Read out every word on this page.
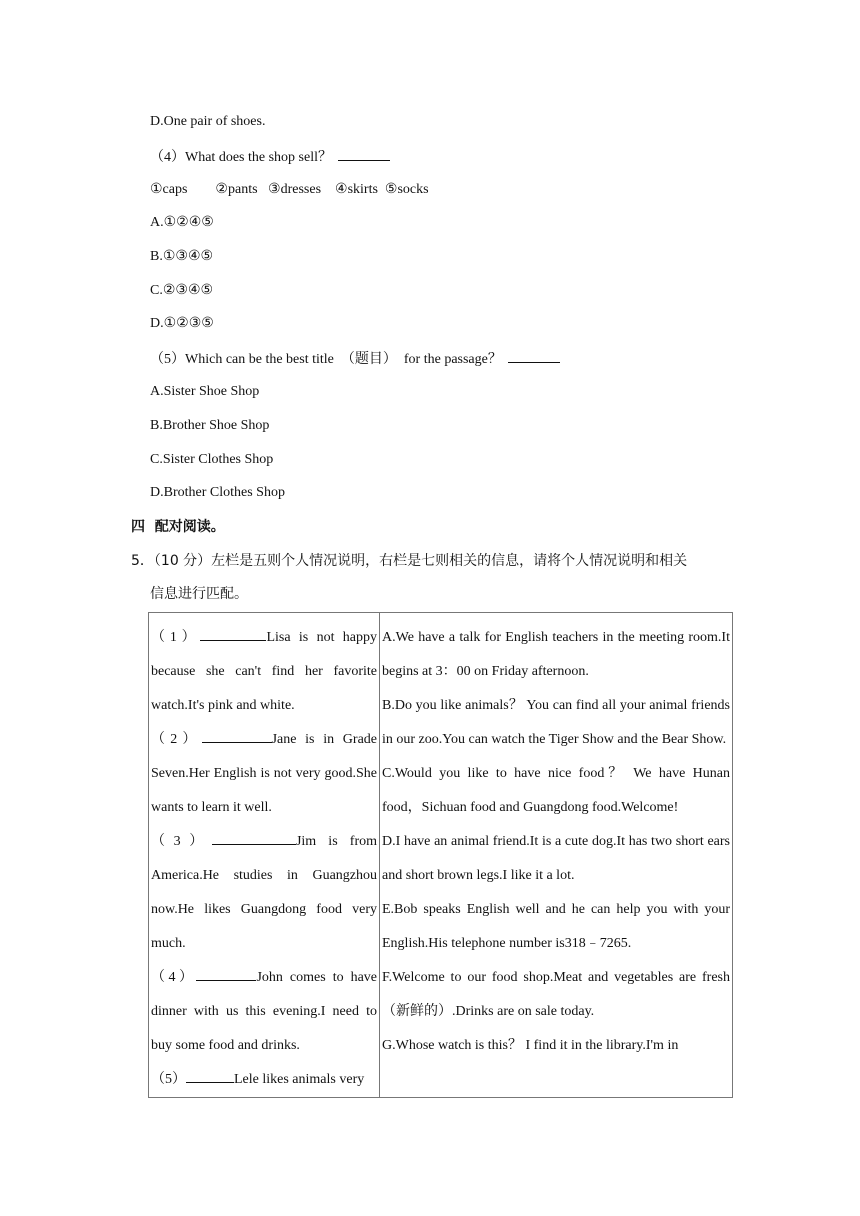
D.One pair of shoes.
（4）What does the shop sell？
①caps        ②pants   ③dresses    ④skirts  ⑤socks
A.①②④⑤
B.①③④⑤
C.②③④⑤
D.①②③⑤
（5）Which can be the best title  （题目）  for the passage？
A.Sister Shoe Shop
B.Brother Shoe Shop
C.Sister Clothes Shop
D.Brother Clothes Shop
四  配对阅读。
5．（10 分）左栏是五则个人情况说明，右栏是七则相关的信息，请将个人情况说明和相关
信息进行匹配。
（1）	Lisa is not happy because she can't find her favorite watch.It's pink and white.
（2）	Jane is in Grade Seven.Her English is not very good.She wants to learn it well.
（3）	Jim is from America.He studies in Guangzhou now.He likes Guangdong food very much.
（4）	John comes to have dinner with us this evening.I need to buy some food and drinks.
（5）	Lele likes animals very

A.We have a talk for English teachers in the meeting room.It begins at 3：00 on Friday afternoon.
B.Do you like animals？ You can find all your animal friends in our zoo.You can watch the Tiger Show and the Bear Show.
C.Would you like to have nice food？ We have Hunan food，Sichuan food and Guangdong food.Welcome!
D.I have an animal friend.It is a cute dog.It has two short ears and short brown legs.I like it a lot.
E.Bob speaks English well and he can help you with your English.His telephone number is318﹣7265.
F.Welcome to our food shop.Meat and vegetables are fresh（新鲜的）.Drinks are on sale today.
G.Whose watch is this？ I find it in the library.I'm in
